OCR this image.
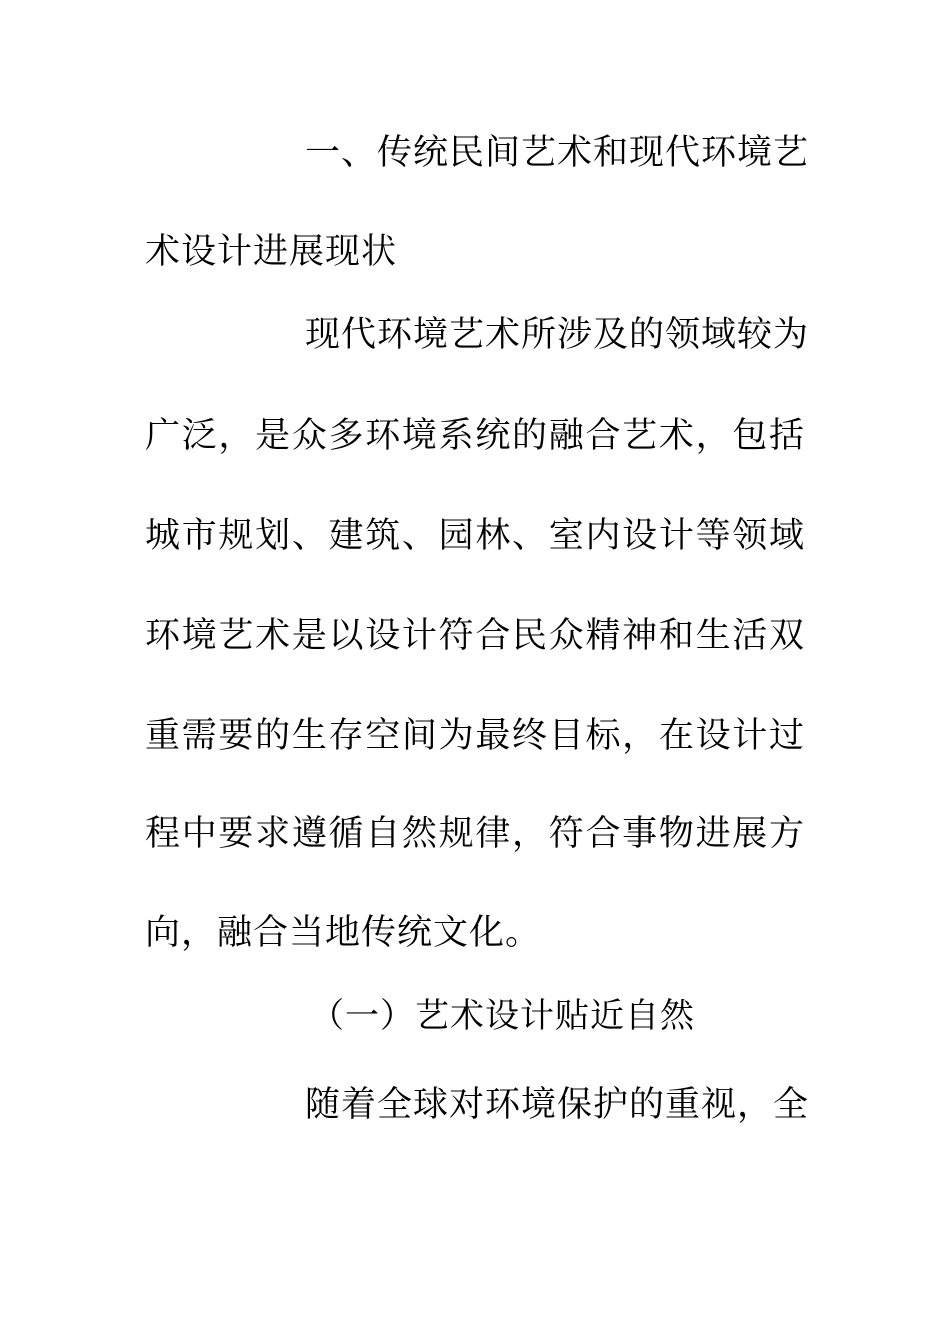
一、传统民间艺术和现代环境艺
术设计进展现状
现代环境艺术所涉及的领域较为
广泛，是众多环境系统的融合艺术，包括
城市规划、建筑、园林、室内设计等领域
环境艺术是以设计符合民众精神和生活双
重需要的生存空间为最终目标，在设计过
程中要求遵循自然规律，符合事物进展方
向，融合当地传统文化。
（一）艺术设计贴近自然
随着全球对环境保护的重视，全
